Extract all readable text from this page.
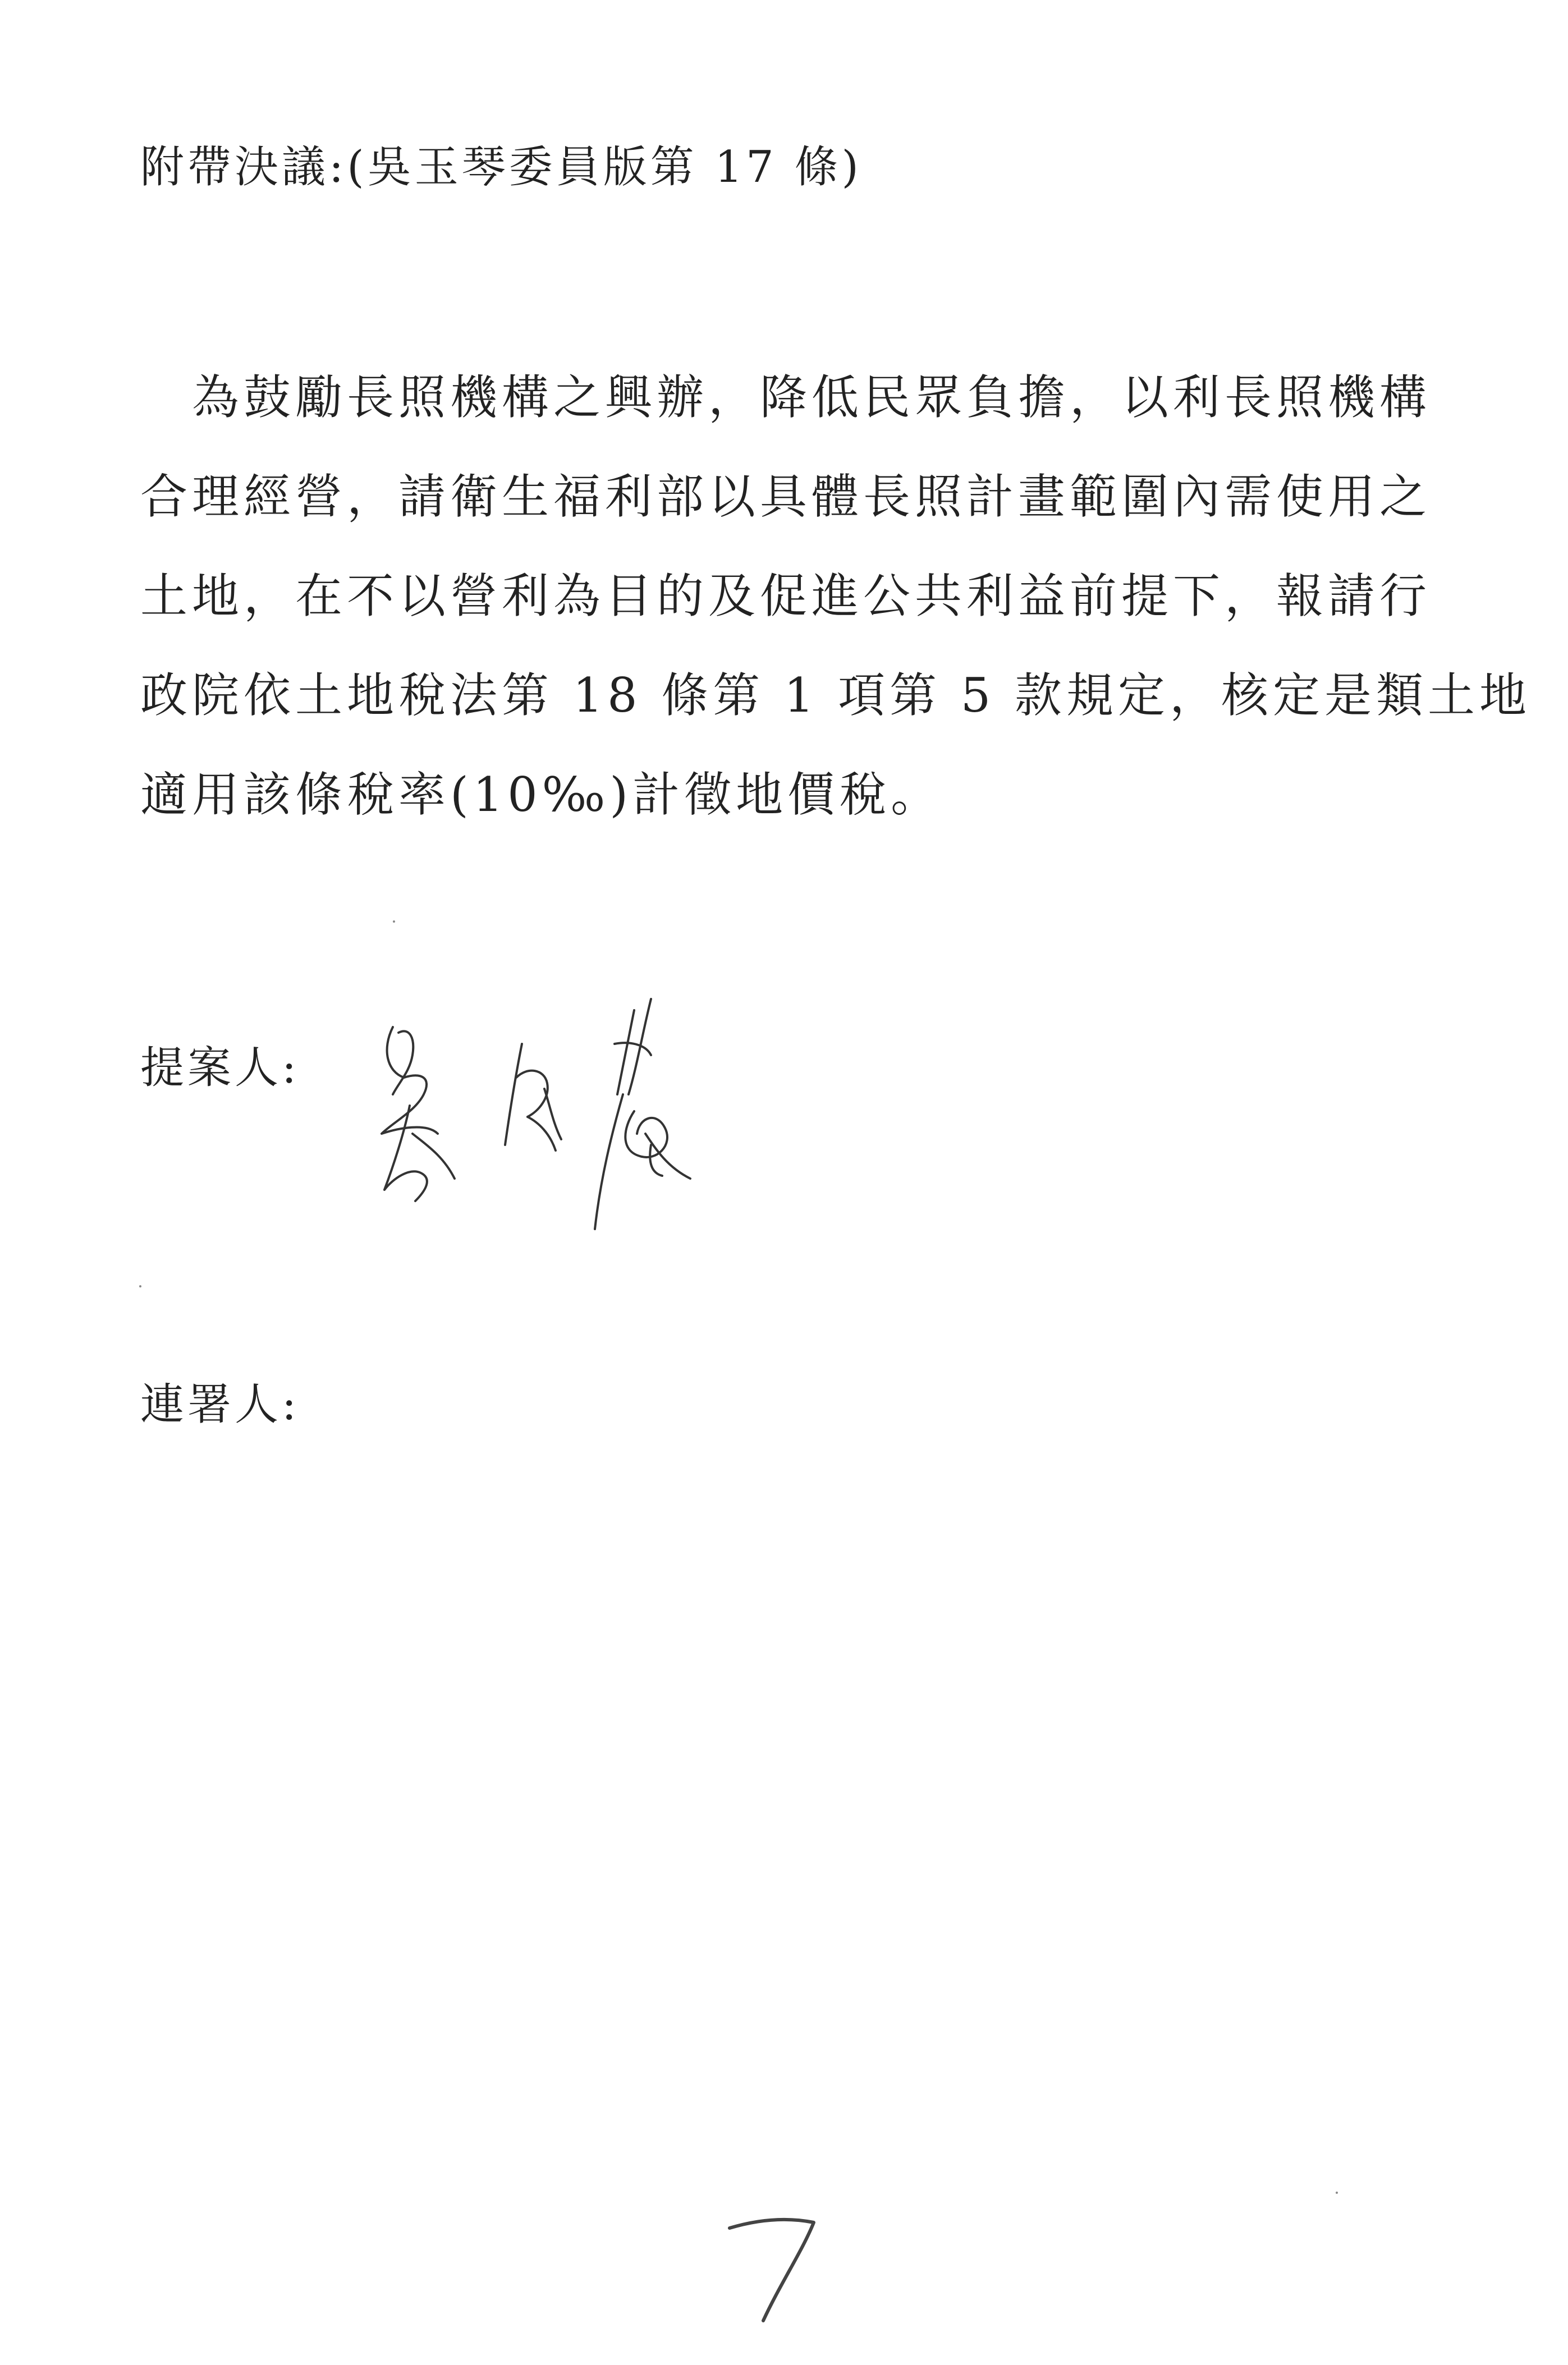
附帶決議:(吳玉琴委員版第 17 條)
為鼓勵長照機構之興辦，降低民眾負擔，以利長照機構
合理經營，請衛生福利部以具體長照計畫範圍內需使用之
土地，在不以營利為目的及促進公共利益前提下，報請行
政院依土地稅法第 18 條第 1 項第 5 款規定，核定是類土地
適用該條稅率(10‰)計徵地價稅。
提案人:
連署人:
